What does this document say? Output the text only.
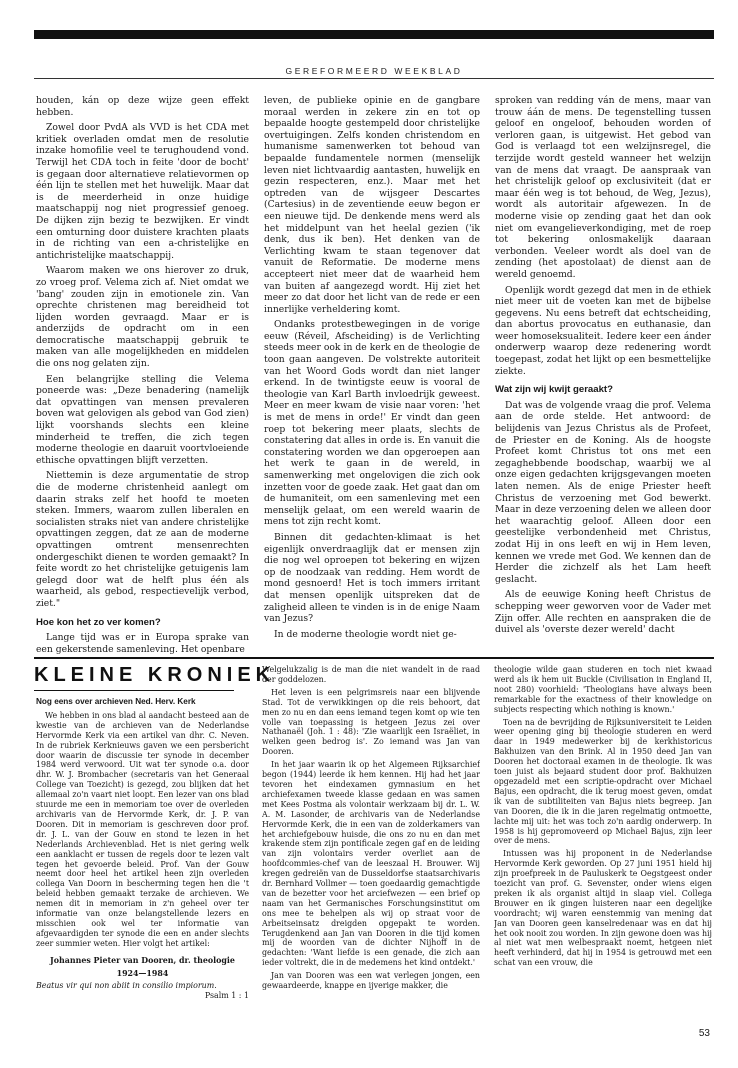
GEREFORMEERD WEEKBLAD

houden, kán op deze wijze geen effekt hebben.

Zowel door PvdA als VVD is het CDA met kritiek overladen omdat men de resolutie inzake homofilie veel te terughoudend vond. Terwijl het CDA toch in feite 'door de bocht' is gegaan door alternatieve relatievormen op één lijn te stellen met het huwelijk. Maar dat is de meerderheid in onze huidige maatschappij nog niet progressief genoeg. De dijken zijn bezig te bezwijken. Er vindt een omturning door duistere krachten plaats in de richting van een a-christelijke en antichristelijke maatschappij.

Waarom maken we ons hierover zo druk, zo vroeg prof. Velema zich af. Niet omdat we 'bang' zouden zijn in emotionele zin. Van oprechte christenen mag bereidheid tot lijden worden gevraagd. Maar er is anderzijds de opdracht om in een democratische maatschappij gebruik te maken van alle mogelijkheden en middelen die ons nog gelaten zijn.

Een belangrijke stelling die Velema poneerde was: „Deze benadering (namelijk dat opvattingen van mensen prevaleren boven wat gelovigen als gebod van God zien) lijkt voorshands slechts een kleine minderheid te treffen, die zich tegen moderne theologie en daaruit voortvloeiende ethische opvattingen blijft verzetten.

Niettemin is deze argumentatie de strop die de moderne christenheid aanlegt om daarin straks zelf het hoofd te moeten steken. Immers, waarom zullen liberalen en socialisten straks niet van andere christelijke opvattingen zeggen, dat ze aan de moderne opvattingen omtrent mensenrechten ondergeschikt dienen te worden gemaakt? In feite wordt zo het christelijke getuigenis lam gelegd door wat de helft plus één als waarheid, als gebod, respectievelijk verbod, ziet."

Hoe kon het zo ver komen?

Lange tijd was er in Europa sprake van een gekerstende samenleving. Het openbare

leven, de publieke opinie en de gangbare moraal werden in zekere zin en tot op bepaalde hoogte gestempeld door christelijke overtuigingen. Zelfs konden christendom en humanisme samenwerken tot behoud van bepaalde fundamentele normen (menselijk leven niet lichtvaardig aantasten, huwelijk en gezin respecteren, enz.). Maar met het optreden van de wijsgeer Descartes (Cartesius) in de zeventiende eeuw begon er een nieuwe tijd. De denkende mens werd als het middelpunt van het heelal gezien ('ik denk, dus ik ben). Het denken van de Verlichting kwam te staan tegenover dat vanuit de Reformatie. De moderne mens accepteert niet meer dat de waarheid hem van buiten af aangezegd wordt. Hij ziet het meer zo dat door het licht van de rede er een innerlijke verheldering komt.

Ondanks protestbewegingen in de vorige eeuw (Réveil, Afscheiding) is de Verlichting steeds meer ook in de kerk en de theologie de toon gaan aangeven. De volstrekte autoriteit van het Woord Gods wordt dan niet langer erkend. In de twintigste eeuw is vooral de theologie van Karl Barth invloedrijk geweest. Meer en meer kwam de visie naar voren: 'het is met de mens in orde!' Er vindt dan geen roep tot bekering meer plaats, slechts de constatering dat alles in orde is. En vanuit die constatering worden we dan opgeroepen aan het werk te gaan in de wereld, in samenwerking met ongelovigen die zich ook inzetten voor de goede zaak. Het gaat dan om de humaniteit, om een samenleving met een menselijk gelaat, om een wereld waarin de mens tot zijn recht komt.

Binnen dit gedachten-klimaat is het eigenlijk onverdraaglijk dat er mensen zijn die nog wel oproepen tot bekering en wijzen op de noodzaak van redding. Hem wordt de mond gesnoerd! Het is toch immers irritant dat mensen openlijk uitspreken dat de zaligheid alleen te vinden is in de enige Naam van Jezus?

In de moderne theologie wordt niet ge-

sproken van redding ván de mens, maar van trouw áán de mens. De tegenstelling tussen geloof en ongeloof, behouden worden of verloren gaan, is uitgewist. Het gebod van God is verlaagd tot een welzijnsregel, die terzijde wordt gesteld wanneer het welzijn van de mens dat vraagt. De aanspraak van het christelijk geloof op exclusiviteit (dat er maar één weg is tot behoud, de Weg, Jezus), wordt als autoritair afgewezen. In de moderne visie op zending gaat het dan ook niet om evangelieverkondiging, met de roep tot bekering onlosmakelijk daaraan verbonden. Veeleer wordt als doel van de zending (het apostolaat) de dienst aan de wereld genoemd.

Openlijk wordt gezegd dat men in de ethiek niet meer uit de voeten kan met de bijbelse gegevens. Nu eens betreft dat echtscheiding, dan abortus provocatus en euthanasie, dan weer homoseksualiteit. Iedere keer een ánder onderwerp waarop deze redenering wordt toegepast, zodat het lijkt op een besmettelijke ziekte.

Wat zijn wij kwijt geraakt?

Dat was de volgende vraag die prof. Velema aan de orde stelde. Het antwoord: de belijdenis van Jezus Christus als de Profeet, de Priester en de Koning. Als de hoogste Profeet komt Christus tot ons met een zegaghebbende boodschap, waarbij we al onze eigen gedachten krijgsgevangen moeten laten nemen. Als de enige Priester heeft Christus de verzoening met God bewerkt. Maar in deze verzoening delen we alleen door het waarachtig geloof. Alleen door een geestelijke verbondenheid met Christus, zodat Hij in ons leeft en wij in Hem leven, kennen we vrede met God. We kennen dan de Herder die zichzelf als het Lam heeft geslacht.

Als de eeuwige Koning heeft Christus de schepping weer geworven voor de Vader met Zijn offer. Alle rechten en aanspraken die de duivel als 'overste dezer wereld' dacht

KLEINE KRONIEK
Nog eens over archieven Ned. Herv. Kerk

We hebben in ons blad al aandacht besteed aan de kwestie van de archieven van de Nederlandse Hervormde Kerk via een artikel van dhr. C. Neven. In de rubriek Kerknieuws gaven we een persbericht door waarin de discussie ter synode in december 1984 werd verwoord. Uit wat ter synode o.a. door dhr. W. J. Brombacher (secretaris van het Generaal College van Toezicht) is gezegd, zou blijken dat het allemaal zo'n vaart niet loopt. Een lezer van ons blad stuurde me een in memoriam toe over de overleden archivaris van de Hervormde Kerk, dr. J. P. van Dooren. Dit in memoriam is geschreven door prof. dr. J. L. van der Gouw en stond te lezen in het Nederlands Archievenblad. Het is niet gering welk een aanklacht er tussen de regels door te lezen valt tegen het gevoerde beleid. Prof. Van der Gouw neemt door heel het artikel heen zijn overleden collega Van Doorn in bescherming tegen hen die 't beleid hebben gemaakt terzake de archieven. We nemen dit in memoriam in z'n geheel over ter informatie van onze belangstellende lezers en misschien ook wel ter informatie van afgevaardigden ter synode die een en ander slechts zeer summier weten. Hier volgt het artikel:

Johannes Pieter van Dooren, dr. theologie

1924—1984

Beatus vir qui non abiit in consilio impiorum.

Psalm 1 : 1

Welgelukzalig is de man die niet wandelt in de raad der goddelozen.

Het leven is een pelgrimsreis naar een blijvende Stad. Tot de verwikkingen op die reis behoort, dat men zo nu en dan eens iemand tegen komt op wie ten volle van toepassing is hetgeen Jezus zei over Nathanaël (Joh. 1 : 48): 'Zie waarlijk een Israëliet, in welken geen bedrog is'. Zo iemand was Jan van Dooren.

In het jaar waarin ik op het Algemeen Rijksarchief begon (1944) leerde ik hem kennen. Hij had het jaar tevoren het eindexamen gymnasium en het archiefexamen tweede klasse gedaan en was samen met Kees Postma als volontair werkzaam bij dr. L. W. A. M. Lasonder, de archivaris van de Nederlandse Hervormde Kerk, die in een van de zolderkamers van het archiefgebouw huisde, die ons zo nu en dan met krakende stem zijn pontificale zegen gaf en de leiding van zijn volontairs verder overliet aan de hoofdcommies-chef van de leeszaal H. Brouwer. Wij kregen gedreiën van de Dusseldorfse staatsarchivaris dr. Bernhard Vollmer — toen goedaardig gemachtigde van de bezetter voor het arciefwezen — een brief op naam van het Germanisches Forschungsinstitut om ons mee te behelpen als wij op straat voor de Arbeitseinsatz dreigden opgepakt te worden. Terugdenkend aan Jan van Dooren in die tijd komen mij de woorden van de dichter Nijhoff in de gedachten: 'Want liefde is een genade, die zich aan ieder voltrekt, die in de medemens het kind ontdekt.'

Jan van Dooren was een wat verlegen jongen, een gewaardeerde, knappe en ijverige makker, die

theologie wilde gaan studeren en toch niet kwaad werd als ik hem uit Buckle (Civilisation in England II, noot 280) voorhield: 'Theologians have always been remarkable for the exactness of their knowledge on subjects respecting which nothing is known.'

Toen na de bevrijding de Rijksuniversiteit te Leiden weer opening ging bij theologie studeren en werd daar in 1949 medewerker bij de kerkhistoricus Bakhuizen van den Brink. Al in 1950 deed Jan van Dooren het doctoraal examen in de theologie. Ik was toen juist als bejaard student door prof. Bakhuizen opgezadeld met een scriptie-opdracht over Michael Bajus, een opdracht, die ik terug moest geven, omdat ik van de subtiliteiten van Bajus niets begreep. Jan van Dooren, die ik in die jaren regelmatig ontmoette, lachte mij uit: het was toch zo'n aardig onderwerp. In 1958 is hij gepromoveerd op Michael Bajus, zijn leer over de mens.

Intussen was hij proponent in de Nederlandse Hervormde Kerk geworden. Op 27 juni 1951 hield hij zijn proefpreek in de Pauluskerk te Oegstgeest onder toezicht van prof. G. Sevenster, onder wiens eigen preken ik als organist altijd in slaap viel. Collega Brouwer en ik gingen luisteren naar een degelijke voordracht; wij waren eenstemmig van mening dat Jan van Dooren geen kanselredenaar was en dat hij het ook nooit zou worden. In zijn gewone doen was hij al niet wat men welbespraakt noemt, hetgeen niet heeft verhinderd, dat hij in 1954 is getrouwd met een schat van een vrouw, die

53
